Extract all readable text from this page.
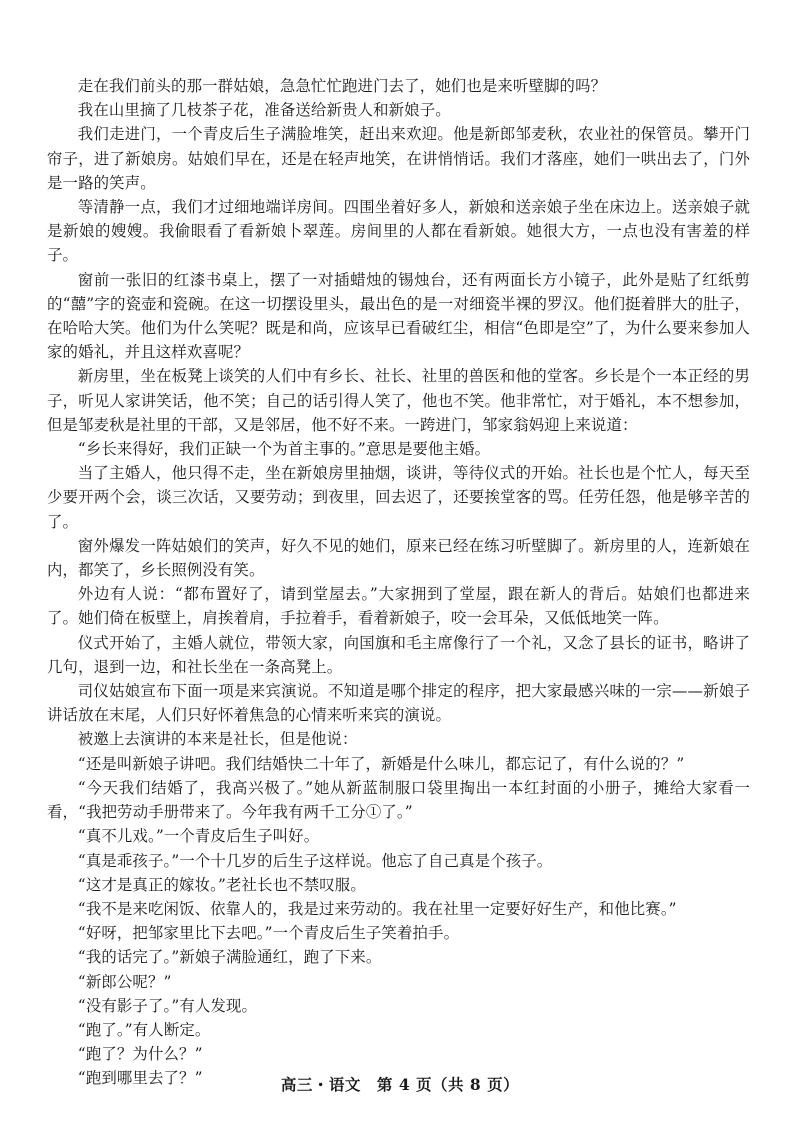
走在我们前头的那一群姑娘，急急忙忙跑进门去了，她们也是来听壁脚的吗？

我在山里摘了几枝茶子花，准备送给新贵人和新娘子。

我们走进门，一个青皮后生子满脸堆笑，赶出来欢迎。他是新郎邹麦秋，农业社的保管员。攀开门帘子，进了新娘房。姑娘们早在，还是在轻声地笑，在讲悄悄话。我们才落座，她们一哄出去了，门外是一路的笑声。

等清静一点，我们才过细地端详房间。四围坐着好多人，新娘和送亲娘子坐在床边上。送亲娘子就是新娘的嫂嫂。我偷眼看了看新娘卜翠莲。房间里的人都在看新娘。她很大方，一点也没有害羞的样子。

窗前一张旧的红漆书桌上，摆了一对插蜡烛的锡烛台，还有两面长方小镜子，此外是贴了红纸剪的“囍”字的瓷壶和瓷碗。在这一切摆设里头，最出色的是一对细瓷半裸的罗汉。他们挺着胖大的肚子，在哈哈大笑。他们为什么笑呢？既是和尚，应该早已看破红尘，相信“色即是空”了，为什么要来参加人家的婚礼，并且这样欢喜呢？

新房里，坐在板凳上谈笑的人们中有乡长、社长、社里的兽医和他的堂客。乡长是个一本正经的男子，听见人家讲笑话，他不笑；自己的话引得人笑了，他也不笑。他非常忙，对于婚礼，本不想参加，但是邹麦秋是社里的干部，又是邻居，他不好不来。一跨进门，邹家翁妈迎上来说道：

“乡长来得好，我们正缺一个为首主事的。”意思是要他主婚。

当了主婚人，他只得不走，坐在新娘房里抽烟，谈讲，等待仪式的开始。社长也是个忙人，每天至少要开两个会，谈三次话，又要劳动；到夜里，回去迟了，还要挨堂客的骂。任劳任怨，他是够辛苦的了。

窗外爆发一阵姑娘们的笑声，好久不见的她们，原来已经在练习听壁脚了。新房里的人，连新娘在内，都笑了，乡长照例没有笑。

外边有人说：“都布置好了，请到堂屋去。”大家拥到了堂屋，跟在新人的背后。姑娘们也都进来了。她们倚在板壁上，肩挨着肩，手拉着手，看着新娘子，咬一会耳朵，又低低地笑一阵。

仪式开始了，主婚人就位，带领大家，向国旗和毛主席像行了一个礼，又念了县长的证书，略讲了几句，退到一边，和社长坐在一条高凳上。

司仪姑娘宣布下面一项是来宾演说。不知道是哪个排定的程序，把大家最感兴味的一宗——新娘子讲话放在末尾，人们只好怀着焦急的心情来听来宾的演说。

被邀上去演讲的本来是社长，但是他说：

“还是叫新娘子讲吧。我们结婚快二十年了，新婚是什么味儿，都忘记了，有什么说的？”

“今天我们结婚了，我高兴极了。”她从新蓝制服口袋里掏出一本红封面的小册子，摊给大家看一看，“我把劳动手册带来了。今年我有两千工分①了。”

“真不儿戏。”一个青皮后生子叫好。

“真是乖孩子。”一个十几岁的后生子这样说。他忘了自己真是个孩子。

“这才是真正的嫁妆。”老社长也不禁叹服。

“我不是来吃闲饭、依靠人的，我是过来劳动的。我在社里一定要好好生产，和他比赛。”

“好呀，把邹家里比下去吧。”一个青皮后生子笑着拍手。

“我的话完了。”新娘子满脸通红，跑了下来。

“新郎公呢？”

“没有影子了。”有人发现。

“跑了。”有人断定。

“跑了？为什么？”

“跑到哪里去了？”	高三・语文　第 4 页（共 8 页）
